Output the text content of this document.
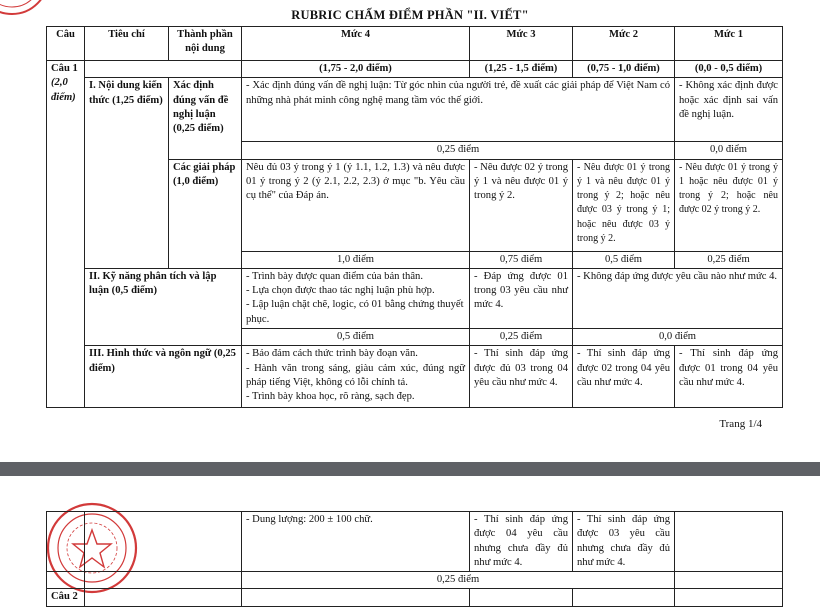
RUBRIC CHẤM ĐIỂM PHẦN "II. VIẾT"
Câu	Tiêu chí	Thành phần nội dung	Mức 4	Mức 3	Mức 2	Mức 1

Câu 1
(2,0 điểm)			(1,75 - 2,0 điểm)	(1,25 - 1,5 điểm)	(0,75 - 1,0 điểm)	(0,0 - 0,5 điểm)
	I. Nội dung kiến thức (1,25 điểm)	Xác định đúng vấn đề nghị luận (0,25 điểm)	- Xác định đúng vấn đề nghị luận: Từ góc nhìn của người trẻ, đề xuất các giải pháp để Việt Nam có những nhà phát minh công nghệ mang tầm vóc thế giới.			- Không xác định được hoặc xác định sai vấn đề nghị luận.
			0,25 điểm			0,0 điểm
		Các giải pháp (1,0 điểm)	Nêu đủ 03 ý trong ý 1 (ý 1.1, 1.2, 1.3) và nêu được 01 ý trong ý 2 (ý 2.1, 2.2, 2.3) ở mục "b. Yêu cầu cụ thể" của Đáp án.	- Nêu được 02 ý trong ý 1 và nêu được 01 ý trong ý 2.	- Nêu được 01 ý trong ý 1 và nêu được 01 ý trong ý 2; hoặc nêu được 03 ý trong ý 1; hoặc nêu được 03 ý trong ý 2.	- Nêu được 01 ý trong ý 1 hoặc nêu được 01 ý trong ý 2; hoặc nêu được 02 ý trong ý 2.
			1,0 điểm	0,75 điểm	0,5 điểm	0,25 điểm
	II. Kỹ năng phân tích và lập luận (0,5 điểm)		- Trình bày được quan điểm của bản thân.
- Lựa chọn được thao tác nghị luận phù hợp.
- Lập luận chặt chẽ, logic, có 01 bằng chứng thuyết phục.	- Đáp ứng được 01 trong 03 yêu cầu như mức 4.	- Không đáp ứng được yêu cầu nào như mức 4.	
			0,5 điểm	0,25 điểm	0,0 điểm	
	III. Hình thức và ngôn ngữ (0,25 điểm)		- Bảo đảm cách thức trình bày đoạn văn.
- Hành văn trong sáng, giàu cảm xúc, đúng ngữ pháp tiếng Việt, không có lỗi chính tả.
- Trình bày khoa học, rõ ràng, sạch đẹp.	- Thí sinh đáp ứng được đủ 03 trong 04 yêu cầu như mức 4.	- Thí sinh đáp ứng được 02 trong 04 yêu cầu như mức 4.	- Thí sinh đáp ứng được 01 trong 04 yêu cầu như mức 4.
Trang 1/4
		- Dung lượng: 200 ± 100 chữ.	- Thí sinh đáp ứng được 04 yêu cầu nhưng chưa đầy đủ như mức 4.	- Thí sinh đáp ứng được 03 yêu cầu nhưng chưa đầy đủ như mức 4.	
		0,25 điểm			
Câu 2					
